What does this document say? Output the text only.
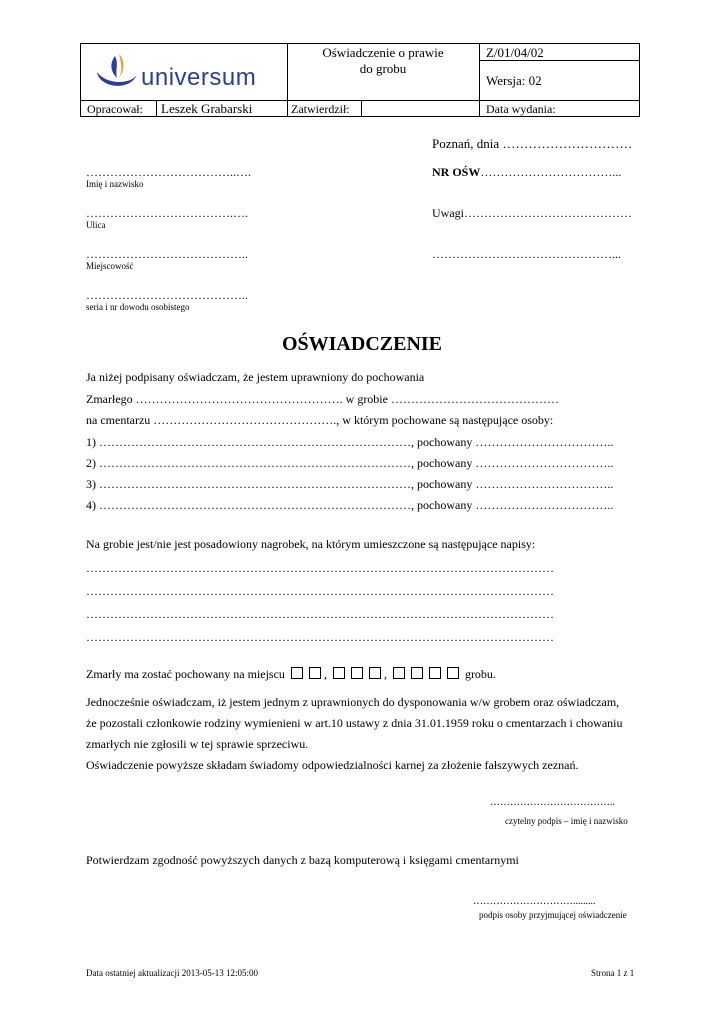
universum
Oświadczenie o prawie
do grobu
Z/01/04/02
Wersja: 02
Opracował: Leszek Grabarski	Zatwierdził:	Data wydania:
Poznań, dnia …………………………
………………………………..….
Imię i nazwisko
NR OŚW……………………………...
……………………………….….
Ulica
Uwagi……………………………………
…………………………………..
Miejscowość
………………………………………...
…………………………………..
seria i nr dowodu osobistego
OŚWIADCZENIE
Ja niżej podpisany oświadczam, że jestem uprawniony do pochowania
Zmarłego ……………………………………………. w grobie ……………………………………
na cmentarzu ………………………………………., w którym pochowane są następujące osoby:
1) ……………………………………………………………………, pochowany ……………………………..
2) ……………………………………………………………………, pochowany ……………………………..
3) ……………………………………………………………………, pochowany ……………………………..
4) ……………………………………………………………………, pochowany ……………………………..
Na grobie jest/nie jest posadowiony nagrobek, na którym umieszczone są następujące napisy:
………………………………………………………………………………………………………
………………………………………………………………………………………………………
………………………………………………………………………………………………………
………………………………………………………………………………………………………
Zmarły ma zostać pochowany na miejscu	,	,	grobu.
Jednocześnie oświadczam, iż jestem jednym z uprawnionych do dysponowania w/w grobem oraz oświadczam,
że pozostali członkowie rodziny wymienieni w art.10 ustawy z dnia 31.01.1959 roku o cmentarzach i chowaniu
zmarłych nie zgłosili w tej sprawie sprzeciwu.
Oświadczenie powyższe składam świadomy odpowiedzialności karnej za złożenie fałszywych zeznań.
………………………………..
czytelny podpis – imię i nazwisko
Potwierdzam zgodność powyższych danych z bazą komputerową i księgami cmentarnymi
………………………….........
podpis osoby przyjmującej oświadczenie
Data ostatniej aktualizacji 2013-05-13 12:05:00	Strona 1 z 1
